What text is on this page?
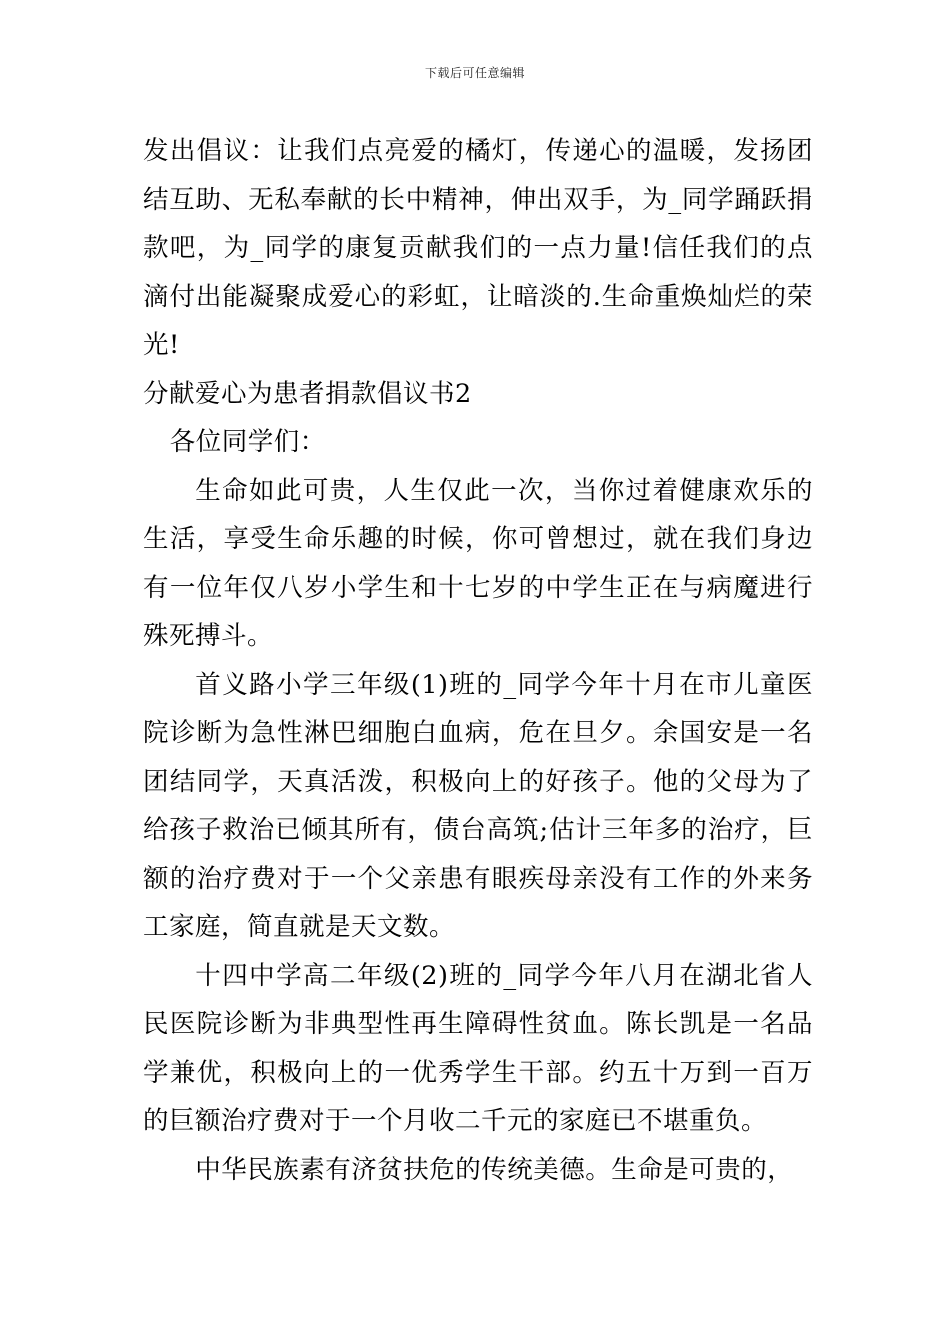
下载后可任意编辑

发出倡议：让我们点亮爱的橘灯，传递心的温暖，发扬团结互助、无私奉献的长中精神，伸出双手，为_同学踊跃捐款吧，为_同学的康复贡献我们的一点力量!信任我们的点滴付出能凝聚成爱心的彩虹，让暗淡的.生命重焕灿烂的荣光!

分献爱心为患者捐款倡议书2

各位同学们：

生命如此可贵，人生仅此一次，当你过着健康欢乐的生活，享受生命乐趣的时候，你可曾想过，就在我们身边有一位年仅八岁小学生和十七岁的中学生正在与病魔进行殊死搏斗。

首义路小学三年级(1)班的_同学今年十月在市儿童医院诊断为急性淋巴细胞白血病，危在旦夕。余国安是一名团结同学，天真活泼，积极向上的好孩子。他的父母为了给孩子救治已倾其所有，债台高筑;估计三年多的治疗，巨额的治疗费对于一个父亲患有眼疾母亲没有工作的外来务工家庭，简直就是天文数。

十四中学高二年级(2)班的_同学今年八月在湖北省人民医院诊断为非典型性再生障碍性贫血。陈长凯是一名品学兼优，积极向上的一优秀学生干部。约五十万到一百万的巨额治疗费对于一个月收二千元的家庭已不堪重负。

中华民族素有济贫扶危的传统美德。生命是可贵的，
